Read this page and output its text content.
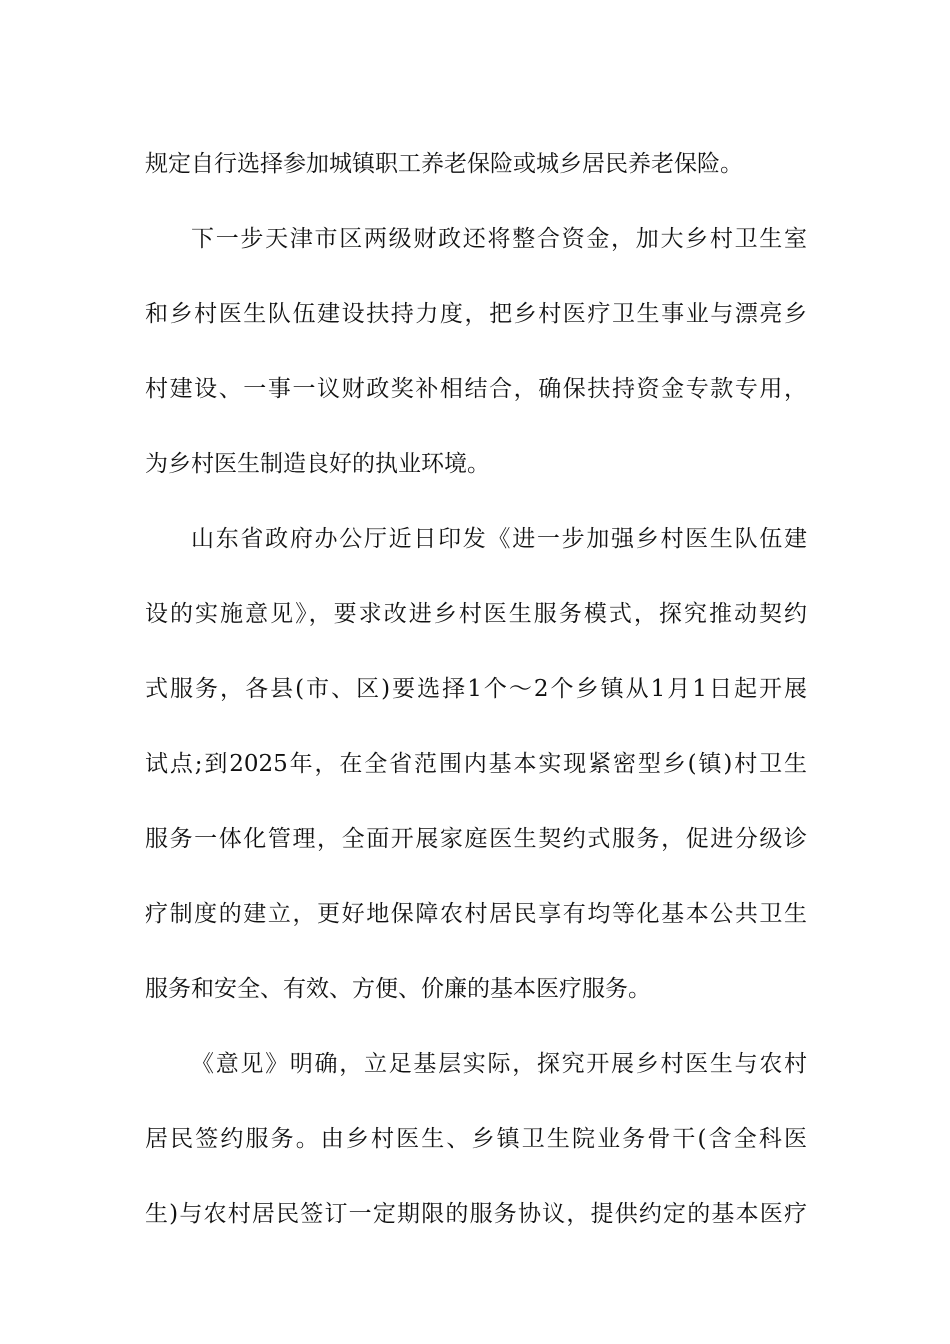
规定自行选择参加城镇职工养老保险或城乡居民养老保险。
下一步天津市区两级财政还将整合资金，加大乡村卫生室
和乡村医生队伍建设扶持力度，把乡村医疗卫生事业与漂亮乡
村建设、一事一议财政奖补相结合，确保扶持资金专款专用，
为乡村医生制造良好的执业环境。
山东省政府办公厅近日印发《进一步加强乡村医生队伍建
设的实施意见》，要求改进乡村医生服务模式，探究推动契约
式服务，各县(市、区)要选择1个～2个乡镇从1月1日起开展
试点;到2025年，在全省范围内基本实现紧密型乡(镇)村卫生
服务一体化管理，全面开展家庭医生契约式服务，促进分级诊
疗制度的建立，更好地保障农村居民享有均等化基本公共卫生
服务和安全、有效、方便、价廉的基本医疗服务。
《意见》明确，立足基层实际，探究开展乡村医生与农村
居民签约服务。由乡村医生、乡镇卫生院业务骨干(含全科医
生)与农村居民签订一定期限的服务协议，提供约定的基本医疗
